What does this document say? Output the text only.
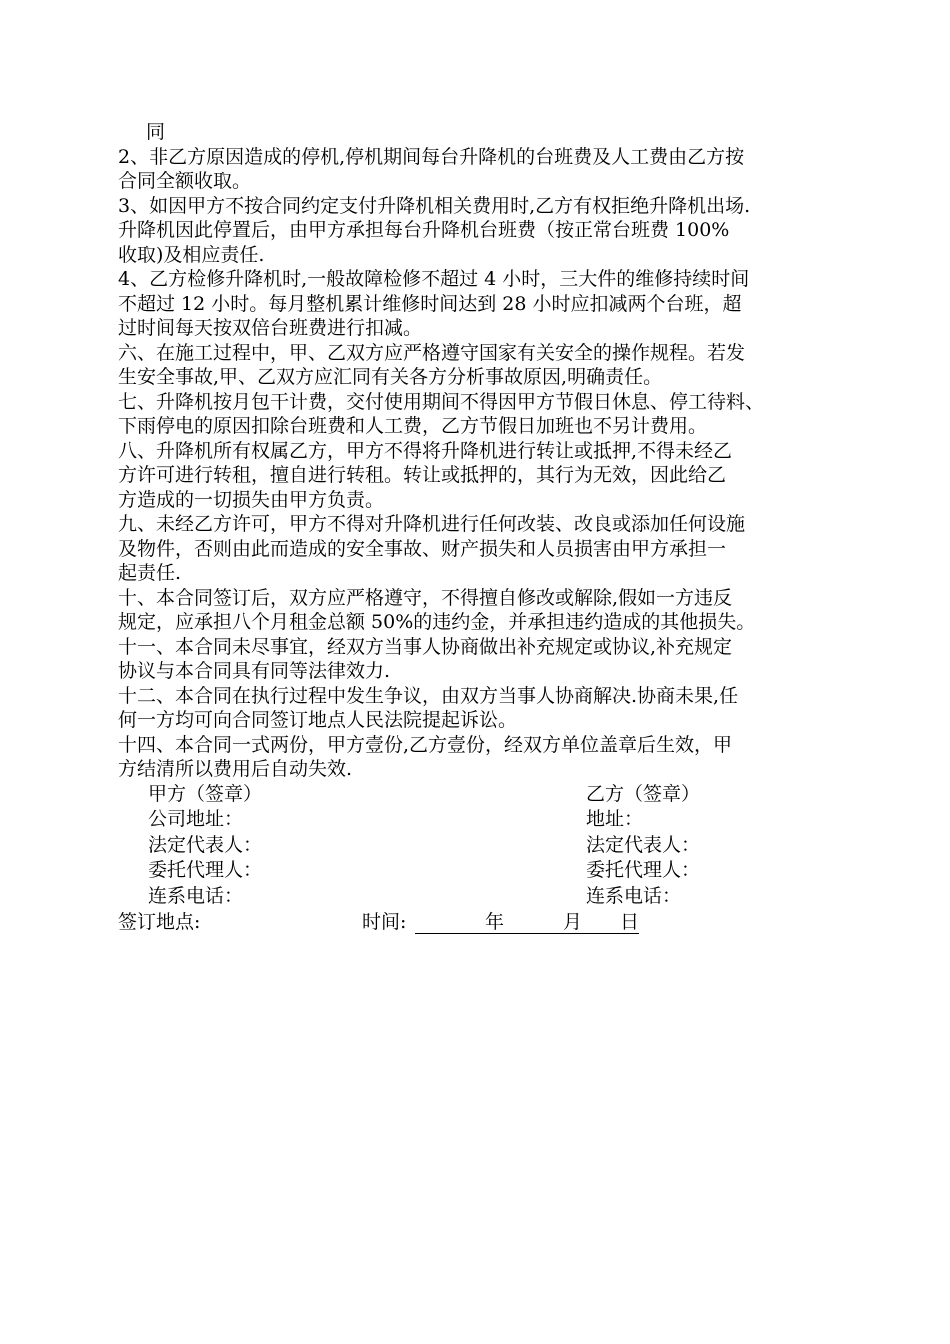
同

2、非乙方原因造成的停机,停机期间每台升降机的台班费及人工费由乙方按
合同全额收取。

3、如因甲方不按合同约定支付升降机相关费用时,乙方有权拒绝升降机出场.
升降机因此停置后，由甲方承担每台升降机台班费（按正常台班费 100%
收取)及相应责任.

4、乙方检修升降机时,一般故障检修不超过 4 小时，三大件的维修持续时间
不超过 12 小时。每月整机累计维修时间达到 28 小时应扣减两个台班，超
过时间每天按双倍台班费进行扣减。

六、在施工过程中，甲、乙双方应严格遵守国家有关安全的操作规程。若发
生安全事故,甲、乙双方应汇同有关各方分析事故原因,明确责任。

七、升降机按月包干计费，交付使用期间不得因甲方节假日休息、停工待料、
下雨停电的原因扣除台班费和人工费，乙方节假日加班也不另计费用。

八、升降机所有权属乙方，甲方不得将升降机进行转让或抵押,不得未经乙
方许可进行转租，擅自进行转租。转让或抵押的，其行为无效，因此给乙
方造成的一切损失由甲方负责。

九、未经乙方许可，甲方不得对升降机进行任何改装、改良或添加任何设施
及物件，否则由此而造成的安全事故、财产损失和人员损害由甲方承担一
起责任.

十、本合同签订后，双方应严格遵守，不得擅自修改或解除,假如一方违反
规定，应承担八个月租金总额 50%的违约金，并承担违约造成的其他损失。

十一、本合同未尽事宜，经双方当事人协商做出补充规定或协议,补充规定
协议与本合同具有同等法律效力.

十二、本合同在执行过程中发生争议，由双方当事人协商解决.协商未果,任
何一方均可向合同签订地点人民法院提起诉讼。

十四、本合同一式两份，甲方壹份,乙方壹份，经双方单位盖章后生效，甲
方结清所以费用后自动失效.

甲方（签章）	乙方（签章）
公司地址：	地址：
法定代表人：	法定代表人：
委托代理人：	委托代理人：
连系电话：	连系电话：
签订地点:	时间:	年	月 日
